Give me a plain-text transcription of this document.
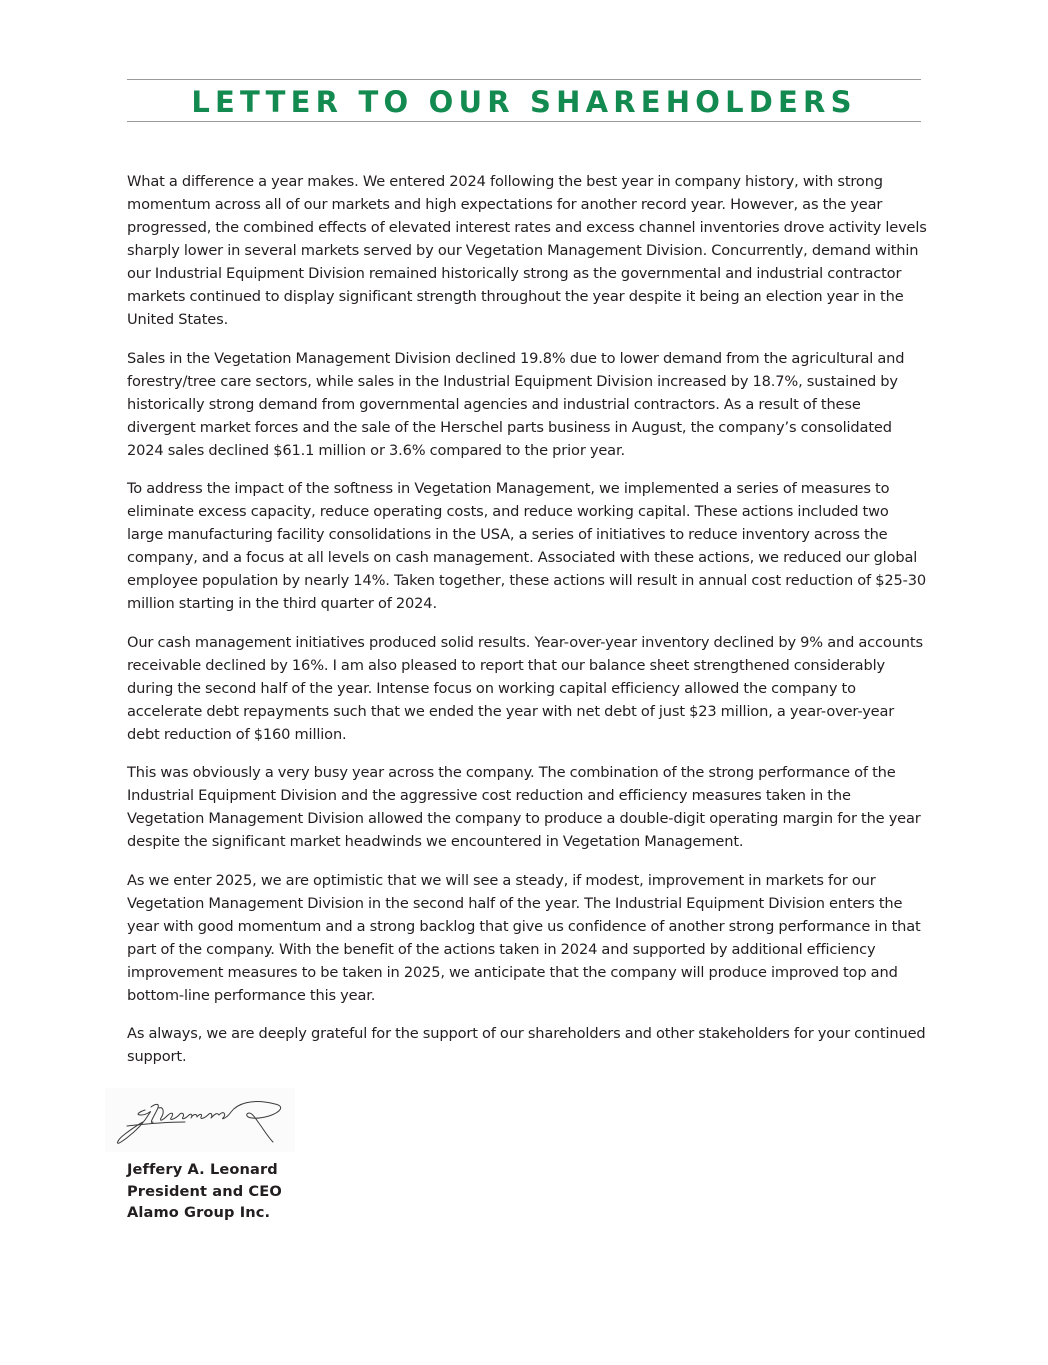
LETTER TO OUR SHAREHOLDERS

What a difference a year makes. We entered 2024 following the best year in company history, with strong momentum across all of our markets and high expectations for another record year. However, as the year progressed, the combined effects of elevated interest rates and excess channel inventories drove activity levels sharply lower in several markets served by our Vegetation Management Division. Concurrently, demand within our Industrial Equipment Division remained historically strong as the governmental and industrial contractor markets continued to display significant strength throughout the year despite it being an election year in the United States.

Sales in the Vegetation Management Division declined 19.8% due to lower demand from the agricultural and forestry/tree care sectors, while sales in the Industrial Equipment Division increased by 18.7%, sustained by historically strong demand from governmental agencies and industrial contractors. As a result of these divergent market forces and the sale of the Herschel parts business in August, the company’s consolidated 2024 sales declined $61.1 million or 3.6% compared to the prior year.

To address the impact of the softness in Vegetation Management, we implemented a series of measures to eliminate excess capacity, reduce operating costs, and reduce working capital. These actions included two large manufacturing facility consolidations in the USA, a series of initiatives to reduce inventory across the company, and a focus at all levels on cash management. Associated with these actions, we reduced our global employee population by nearly 14%. Taken together, these actions will result in annual cost reduction of $25-30 million starting in the third quarter of 2024.

Our cash management initiatives produced solid results. Year-over-year inventory declined by 9% and accounts receivable declined by 16%. I am also pleased to report that our balance sheet strengthened considerably during the second half of the year. Intense focus on working capital efficiency allowed the company to accelerate debt repayments such that we ended the year with net debt of just $23 million, a year-over-year debt reduction of $160 million.

This was obviously a very busy year across the company. The combination of the strong performance of the Industrial Equipment Division and the aggressive cost reduction and efficiency measures taken in the Vegetation Management Division allowed the company to produce a double-digit operating margin for the year despite the significant market headwinds we encountered in Vegetation Management.

As we enter 2025, we are optimistic that we will see a steady, if modest, improvement in markets for our Vegetation Management Division in the second half of the year. The Industrial Equipment Division enters the year with good momentum and a strong backlog that give us confidence of another strong performance in that part of the company. With the benefit of the actions taken in 2024 and supported by additional efficiency improvement measures to be taken in 2025, we anticipate that the company will produce improved top and bottom-line performance this year.

As always, we are deeply grateful for the support of our shareholders and other stakeholders for your continued support.

Jeffery A. Leonard
President and CEO
Alamo Group Inc.
